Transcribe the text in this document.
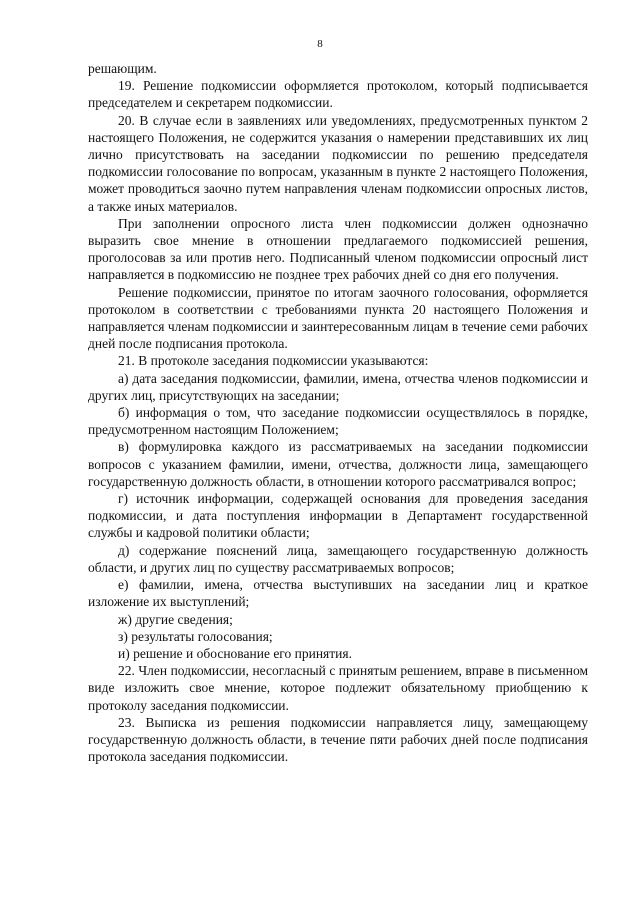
8

решающим.

19. Решение подкомиссии оформляется протоколом, который подписывается председателем и секретарем подкомиссии.

20. В случае если в заявлениях или уведомлениях, предусмотренных пунктом 2 настоящего Положения, не содержится указания о намерении представивших их лиц лично присутствовать на заседании подкомиссии по решению председателя подкомиссии голосование по вопросам, указанным в пункте 2 настоящего Положения, может проводиться заочно путем направления членам подкомиссии опросных листов, а также иных материалов.

При заполнении опросного листа член подкомиссии должен однозначно выразить свое мнение в отношении предлагаемого подкомиссией решения, проголосовав за или против него. Подписанный членом подкомиссии опросный лист направляется в подкомиссию не позднее трех рабочих дней со дня его получения.

Решение подкомиссии, принятое по итогам заочного голосования, оформляется протоколом в соответствии с требованиями пункта 20 настоящего Положения и направляется членам подкомиссии и заинтересованным лицам в течение семи рабочих дней после подписания протокола.

21. В протоколе заседания подкомиссии указываются:

а) дата заседания подкомиссии, фамилии, имена, отчества членов подкомиссии и других лиц, присутствующих на заседании;

б) информация о том, что заседание подкомиссии осуществлялось в порядке, предусмотренном настоящим Положением;

в) формулировка каждого из рассматриваемых на заседании подкомиссии вопросов с указанием фамилии, имени, отчества, должности лица, замещающего государственную должность области, в отношении которого рассматривался вопрос;

г) источник информации, содержащей основания для проведения заседания подкомиссии, и дата поступления информации в Департамент государственной службы и кадровой политики области;

д) содержание пояснений лица, замещающего государственную должность области, и других лиц по существу рассматриваемых вопросов;

е) фамилии, имена, отчества выступивших на заседании лиц и краткое изложение их выступлений;

ж) другие сведения;

з) результаты голосования;

и) решение и обоснование его принятия.

22. Член подкомиссии, несогласный с принятым решением, вправе в письменном виде изложить свое мнение, которое подлежит обязательному приобщению к протоколу заседания подкомиссии.

23. Выписка из решения подкомиссии направляется лицу, замещающему государственную должность области, в течение пяти рабочих дней после подписания протокола заседания подкомиссии.
